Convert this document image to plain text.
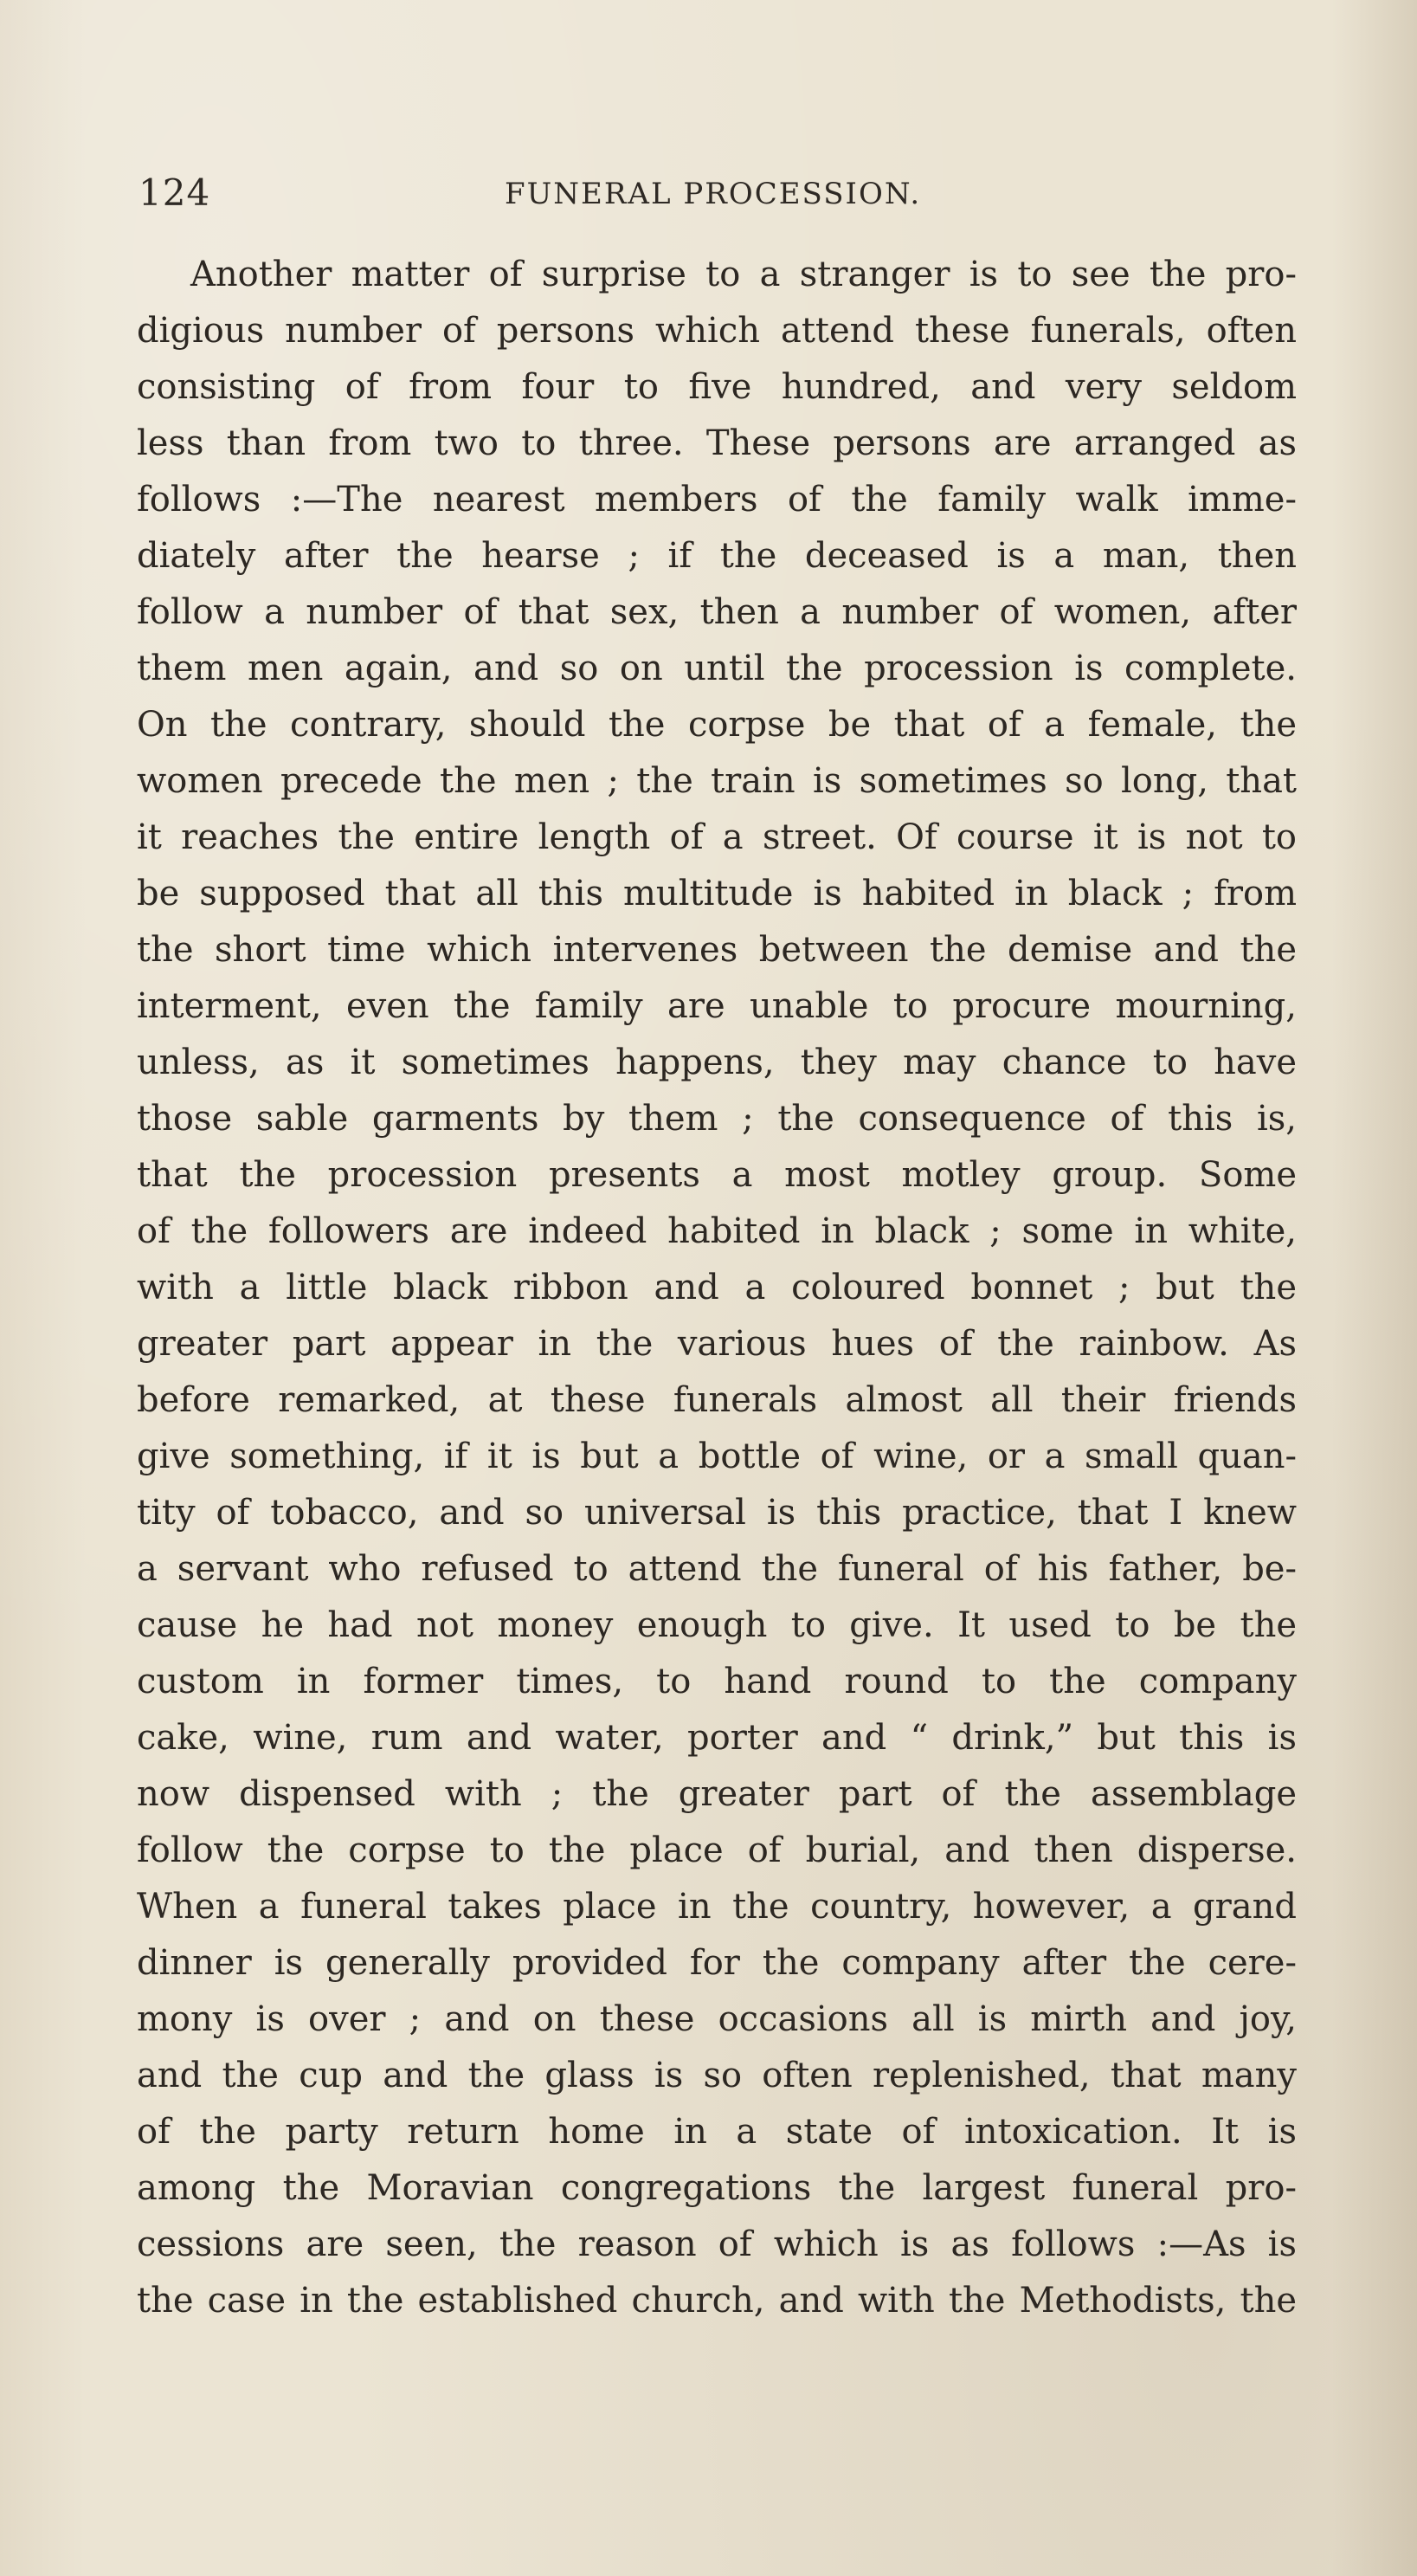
124	FUNERAL PROCESSION.

Another matter of surprise to a stranger is to see the pro-
digious number of persons which attend these funerals, often
consisting of from four to five hundred, and very seldom
less than from two to three. These persons are arranged as
follows :—The nearest members of the family walk imme-
diately after the hearse ; if the deceased is a man, then
follow a number of that sex, then a number of women, after
them men again, and so on until the procession is complete.
On the contrary, should the corpse be that of a female, the
women precede the men ; the train is sometimes so long, that
it reaches the entire length of a street. Of course it is not to
be supposed that all this multitude is habited in black ; from
the short time which intervenes between the demise and the
interment, even the family are unable to procure mourning,
unless, as it sometimes happens, they may chance to have
those sable garments by them ; the consequence of this is,
that the procession presents a most motley group. Some
of the followers are indeed habited in black ; some in white,
with a little black ribbon and a coloured bonnet ; but the
greater part appear in the various hues of the rainbow. As
before remarked, at these funerals almost all their friends
give something, if it is but a bottle of wine, or a small quan-
tity of tobacco, and so universal is this practice, that I knew
a servant who refused to attend the funeral of his father, be-
cause he had not money enough to give. It used to be the
custom in former times, to hand round to the company
cake, wine, rum and water, porter and “ drink,” but this is
now dispensed with ; the greater part of the assemblage
follow the corpse to the place of burial, and then disperse.
When a funeral takes place in the country, however, a grand
dinner is generally provided for the company after the cere-
mony is over ; and on these occasions all is mirth and joy,
and the cup and the glass is so often replenished, that many
of the party return home in a state of intoxication. It is
among the Moravian congregations the largest funeral pro-
cessions are seen, the reason of which is as follows :—As is
the case in the established church, and with the Methodists, the
